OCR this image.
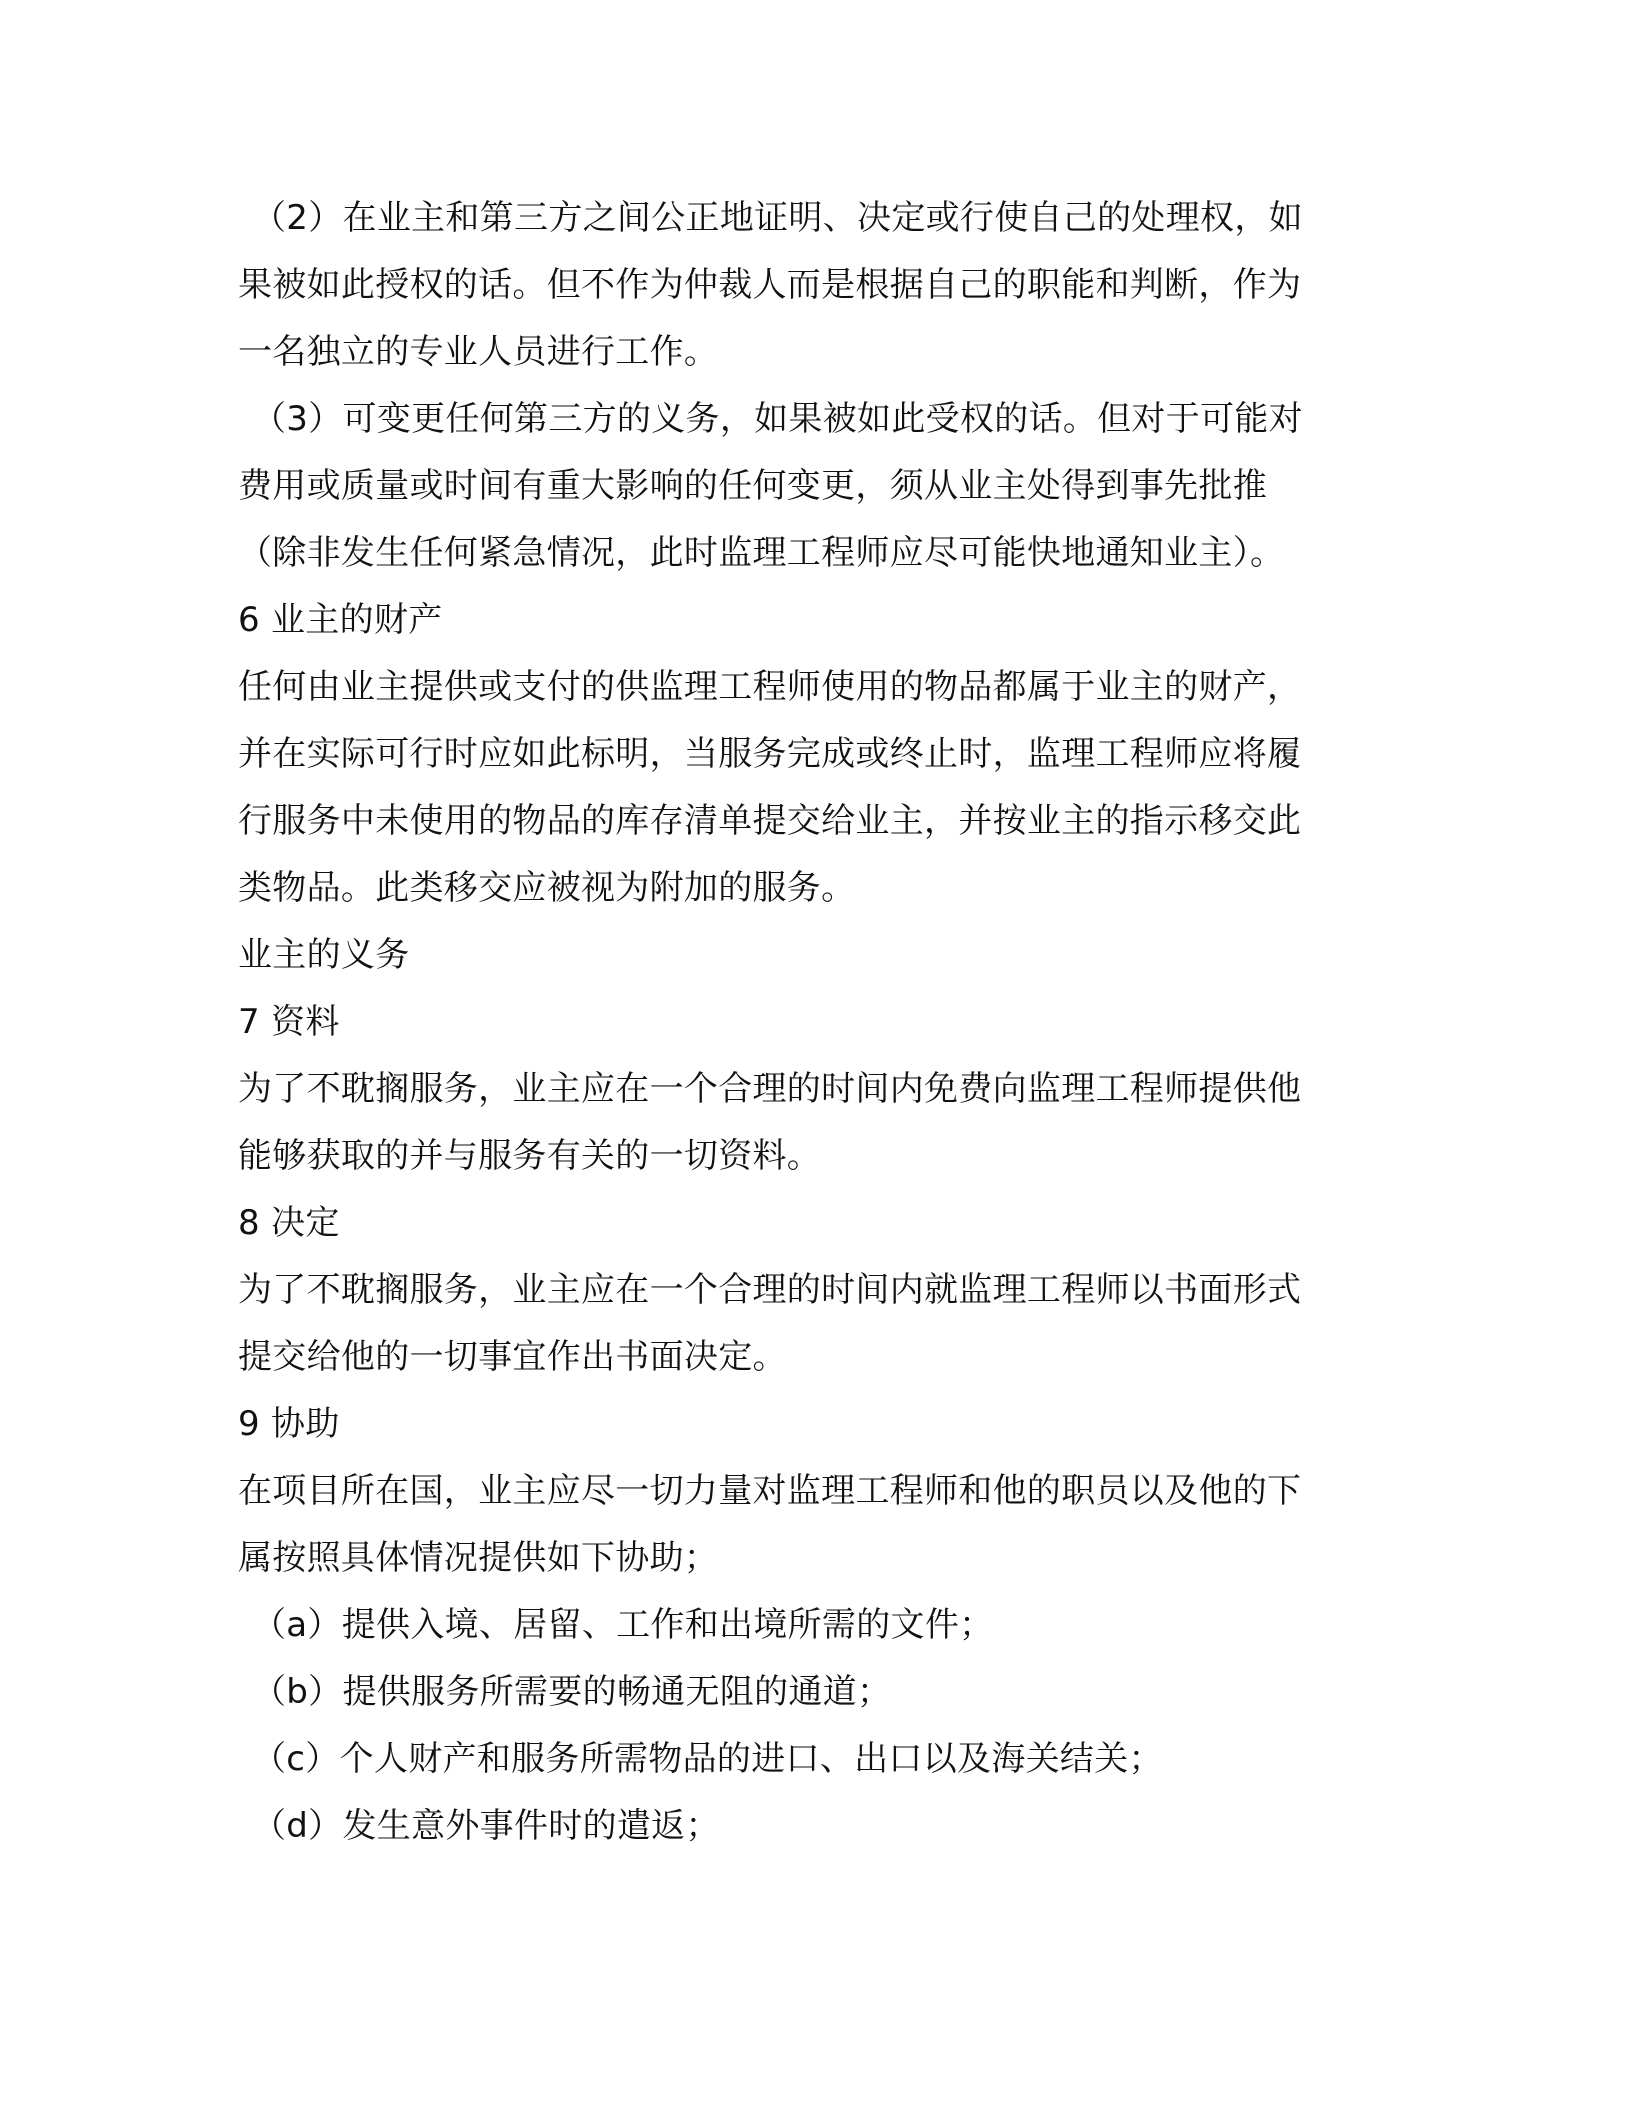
（2）在业主和第三方之间公正地证明、决定或行使自己的处理权，如
果被如此授权的话。但不作为仲裁人而是根据自己的职能和判断，作为
一名独立的专业人员进行工作。
（3）可变更任何第三方的义务，如果被如此受权的话。但对于可能对
费用或质量或时间有重大影响的任何变更，须从业主处得到事先批推
（除非发生任何紧急情况，此时监理工程师应尽可能快地通知业主）。
6 业主的财产
任何由业主提供或支付的供监理工程师使用的物品都属于业主的财产，
并在实际可行时应如此标明，当服务完成或终止时，监理工程师应将履
行服务中未使用的物品的库存清单提交给业主，并按业主的指示移交此
类物品。此类移交应被视为附加的服务。
业主的义务
7 资料
为了不耽搁服务，业主应在一个合理的时间内免费向监理工程师提供他
能够获取的并与服务有关的一切资料。
8 决定
为了不耽搁服务，业主应在一个合理的时间内就监理工程师以书面形式
提交给他的一切事宜作出书面决定。
9 协助
在项目所在国，业主应尽一切力量对监理工程师和他的职员以及他的下
属按照具体情况提供如下协助；
（a）提供入境、居留、工作和出境所需的文件；
（b）提供服务所需要的畅通无阻的通道；
（c）个人财产和服务所需物品的进口、出口以及海关结关；
（d）发生意外事件时的遣返；
